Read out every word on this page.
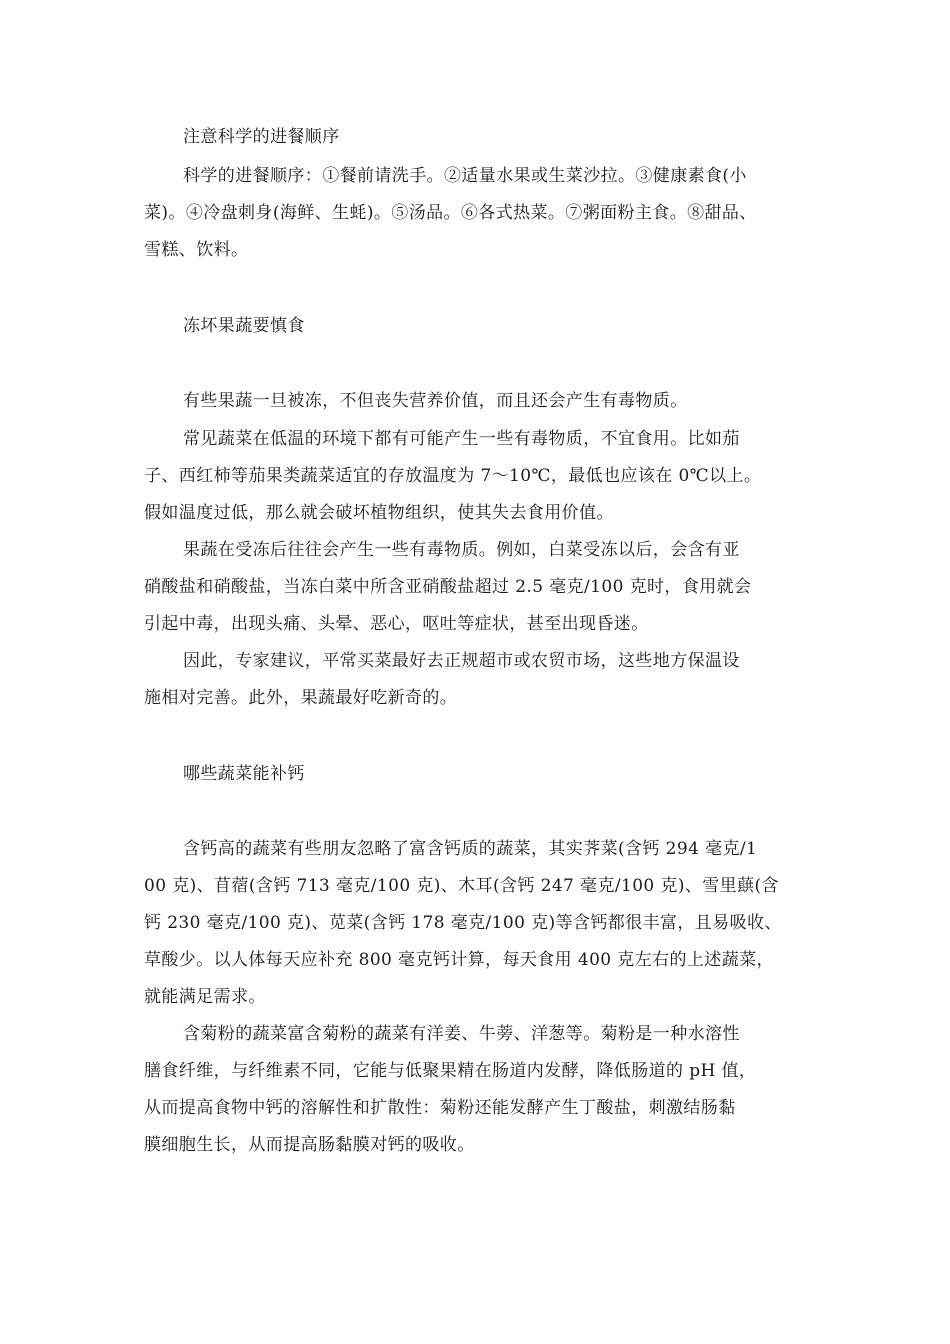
注意科学的进餐顺序
科学的进餐顺序：①餐前请洗手。②适量水果或生菜沙拉。③健康素食(小
菜)。④冷盘刺身(海鲜、生蚝)。⑤汤品。⑥各式热菜。⑦粥面粉主食。⑧甜品、
雪糕、饮料。
冻坏果蔬要慎食
有些果蔬一旦被冻，不但丧失营养价值，而且还会产生有毒物质。
常见蔬菜在低温的环境下都有可能产生一些有毒物质，不宜食用。比如茄
子、西红柿等茄果类蔬菜适宜的存放温度为 7～10℃，最低也应该在 0℃以上。
假如温度过低，那么就会破坏植物组织，使其失去食用价值。
果蔬在受冻后往往会产生一些有毒物质。例如，白菜受冻以后，会含有亚
硝酸盐和硝酸盐，当冻白菜中所含亚硝酸盐超过 2.5 毫克/100 克时，食用就会
引起中毒，出现头痛、头晕、恶心，呕吐等症状，甚至出现昏迷。
因此，专家建议，平常买菜最好去正规超市或农贸市场，这些地方保温设
施相对完善。此外，果蔬最好吃新奇的。
哪些蔬菜能补钙
含钙高的蔬菜有些朋友忽略了富含钙质的蔬菜，其实荠菜(含钙 294 毫克/1
00 克)、苜蓿(含钙 713 毫克/100 克)、木耳(含钙 247 毫克/100 克)、雪里蕻(含
钙 230 毫克/100 克)、苋菜(含钙 178 毫克/100 克)等含钙都很丰富，且易吸收、
草酸少。以人体每天应补充 800 毫克钙计算，每天食用 400 克左右的上述蔬菜，
就能满足需求。
含菊粉的蔬菜富含菊粉的蔬菜有洋姜、牛蒡、洋葱等。菊粉是一种水溶性
膳食纤维，与纤维素不同，它能与低聚果精在肠道内发酵，降低肠道的 pH 值，
从而提高食物中钙的溶解性和扩散性：菊粉还能发酵产生丁酸盐，刺激结肠黏
膜细胞生长，从而提高肠黏膜对钙的吸收。
